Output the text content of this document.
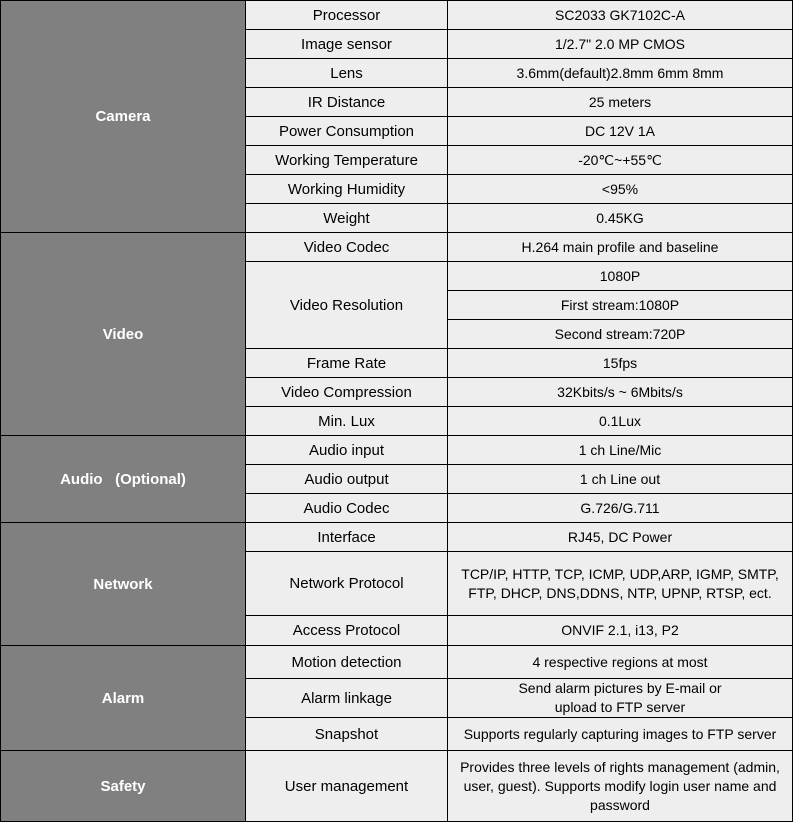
Camera	Processor	SC2033 GK7102C-A
	Image sensor	1/2.7" 2.0 MP CMOS
	Lens	3.6mm(default)2.8mm 6mm 8mm
	IR Distance	25 meters
	Power Consumption	DC 12V 1A
	Working Temperature	-20℃~+55℃
	Working Humidity	<95%
	Weight	0.45KG
Video	Video Codec	H.264 main profile and baseline
	Video Resolution	1080P
		First stream:1080P
		Second stream:720P
	Frame Rate	15fps
	Video Compression	32Kbits/s ~ 6Mbits/s
	Min. Lux	0.1Lux
Audio   (Optional)	Audio input	1 ch Line/Mic
	Audio output	1 ch Line out
	Audio Codec	G.726/G.711
Network	Interface	RJ45, DC Power
	Network Protocol	TCP/IP, HTTP, TCP, ICMP, UDP,ARP, IGMP, SMTP, FTP, DHCP, DNS,DDNS, NTP, UPNP, RTSP, ect.
	Access Protocol	ONVIF 2.1, i13, P2
Alarm	Motion detection	4 respective regions at most
	Alarm linkage	Send alarm pictures by E-mail or upload to FTP server
	Snapshot	Supports regularly capturing images to FTP server
Safety	User management	Provides three levels of rights management (admin, user, guest). Supports modify login user name and password
